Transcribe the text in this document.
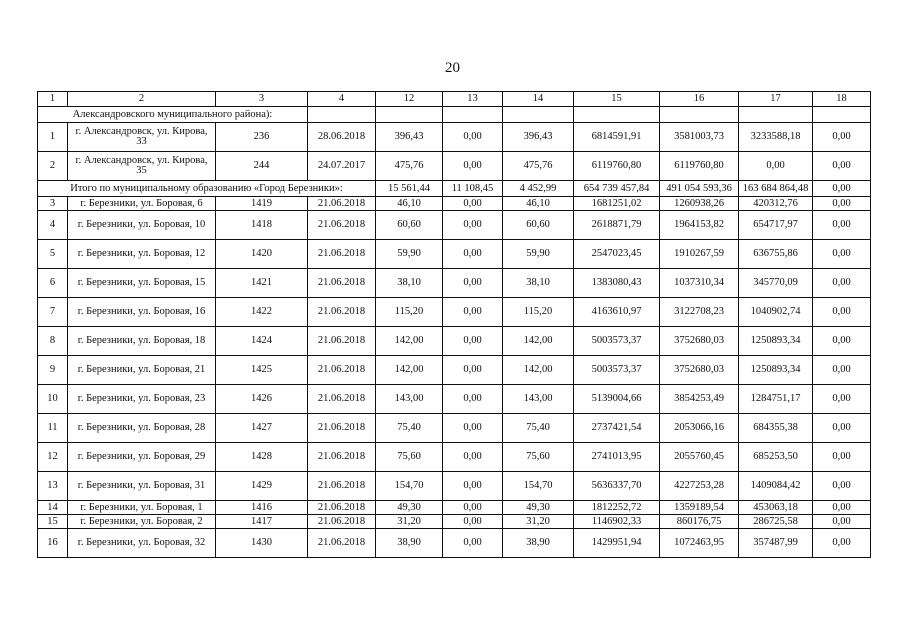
20
1	2	3	4	12	13	14	15	16	17	18
Александровского муниципального района):										
1	г. Александровск, ул. Кирова, 33	236	28.06.2018	396,43	0,00	396,43	6814591,91	3581003,73	3233588,18	0,00
2	г. Александровск, ул. Кирова, 35	244	24.07.2017	475,76	0,00	475,76	6119760,80	6119760,80	0,00	0,00
Итого по муниципальному образованию «Город Березники»:				15 561,44	11 108,45	4 452,99	654 739 457,84	491 054 593,36	163 684 864,48	0,00
3	г. Березники, ул. Боровая, 6	1419	21.06.2018	46,10	0,00	46,10	1681251,02	1260938,26	420312,76	0,00
4	г. Березники, ул. Боровая, 10	1418	21.06.2018	60,60	0,00	60,60	2618871,79	1964153,82	654717,97	0,00
5	г. Березники, ул. Боровая, 12	1420	21.06.2018	59,90	0,00	59,90	2547023,45	1910267,59	636755,86	0,00
6	г. Березники, ул. Боровая, 15	1421	21.06.2018	38,10	0,00	38,10	1383080,43	1037310,34	345770,09	0,00
7	г. Березники, ул. Боровая, 16	1422	21.06.2018	115,20	0,00	115,20	4163610,97	3122708,23	1040902,74	0,00
8	г. Березники, ул. Боровая, 18	1424	21.06.2018	142,00	0,00	142,00	5003573,37	3752680,03	1250893,34	0,00
9	г. Березники, ул. Боровая, 21	1425	21.06.2018	142,00	0,00	142,00	5003573,37	3752680,03	1250893,34	0,00
10	г. Березники, ул. Боровая, 23	1426	21.06.2018	143,00	0,00	143,00	5139004,66	3854253,49	1284751,17	0,00
11	г. Березники, ул. Боровая, 28	1427	21.06.2018	75,40	0,00	75,40	2737421,54	2053066,16	684355,38	0,00
12	г. Березники, ул. Боровая, 29	1428	21.06.2018	75,60	0,00	75,60	2741013,95	2055760,45	685253,50	0,00
13	г. Березники, ул. Боровая, 31	1429	21.06.2018	154,70	0,00	154,70	5636337,70	4227253,28	1409084,42	0,00
14	г. Березники, ул. Боровая, 1	1416	21.06.2018	49,30	0,00	49,30	1812252,72	1359189,54	453063,18	0,00
15	г. Березники, ул. Боровая, 2	1417	21.06.2018	31,20	0,00	31,20	1146902,33	860176,75	286725,58	0,00
16	г. Березники, ул. Боровая, 32	1430	21.06.2018	38,90	0,00	38,90	1429951,94	1072463,95	357487,99	0,00
